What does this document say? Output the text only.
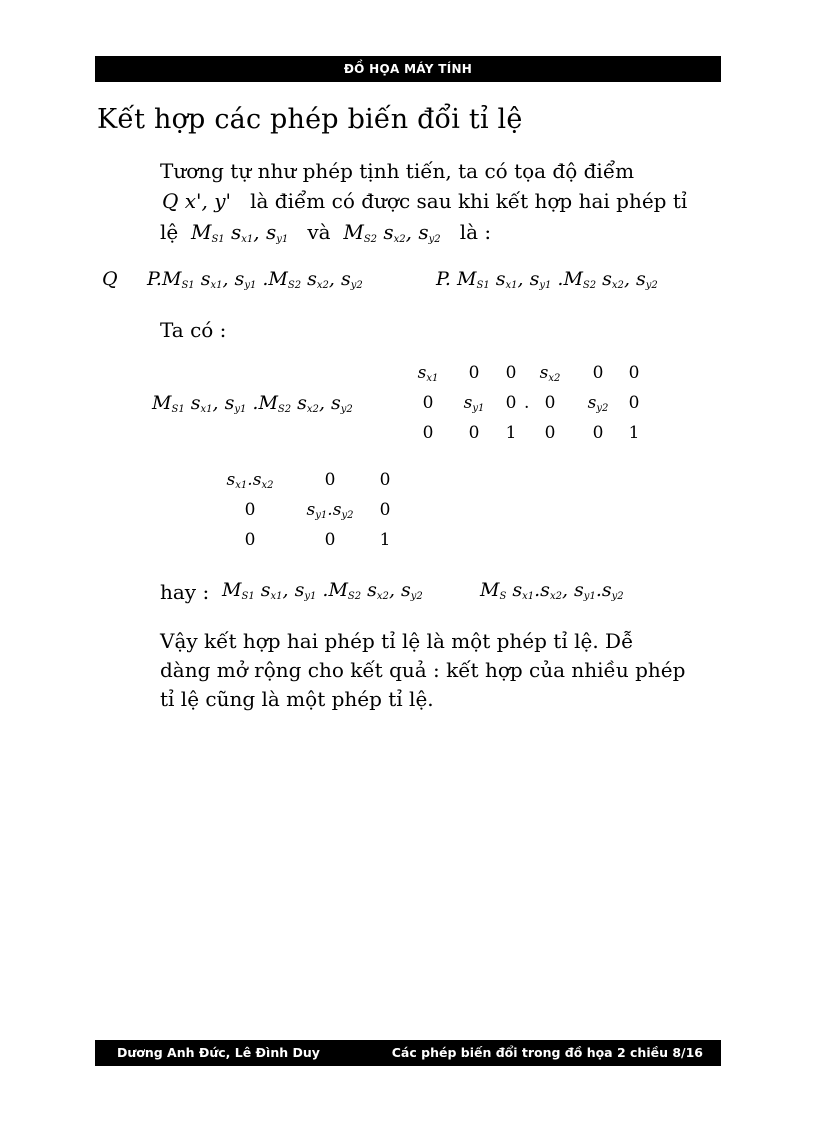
ĐỒ HỌA MÁY TÍNH
Kết hợp các phép biến đổi tỉ lệ
Tương tự như phép tịnh tiến, ta có tọa độ điểm
Q x', y' là điểm có được sau khi kết hợp hai phép tỉ
lệ  $M_{S1}$ $s_{x1}$, $s_{y1}$ và  $M_{S2}$ $s_{x2}$, $s_{y2}$ là :
Q $P.M_{S1}$ $s_{x1}$, $s_{y1}$ $.M_{S2}$ $s_{x2}$, $s_{y2}$	P. $M_{S1}$ $s_{x1}$, $s_{y1}$ $.M_{S2}$ $s_{x2}$, $s_{y2}$
Ta có :
$M_{S1}$ $s_{x1}$, $s_{y1}$ $.M_{S2}$ $s_{x2}$, $s_{y2}$
$s_{x1}$ 0 0
0 $s_{y1}$ 0
0 0 1
.
$s_{x2}$ 0 0
0 $s_{y2}$ 0
0 0 1
$s_{x1}.s_{x2}$	0	0
0	$s_{y1}.s_{y2}$ 0
0	0	1
hay : $M_{S1}$ $s_{x1}$, $s_{y1}$ $.M_{S2}$ $s_{x2}$, $s_{y2}$	$M_S$ $s_{x1}.s_{x2}$, $s_{y1}.s_{y2}$
Vậy kết hợp hai phép tỉ lệ là một phép tỉ lệ. Dễ
dàng mở rộng cho kết quả : kết hợp của nhiều phép
tỉ lệ cũng là một phép tỉ lệ.
Dương Anh Đức, Lê Đình Duy	Các phép biến đổi trong đồ họa 2 chiều 8/16
